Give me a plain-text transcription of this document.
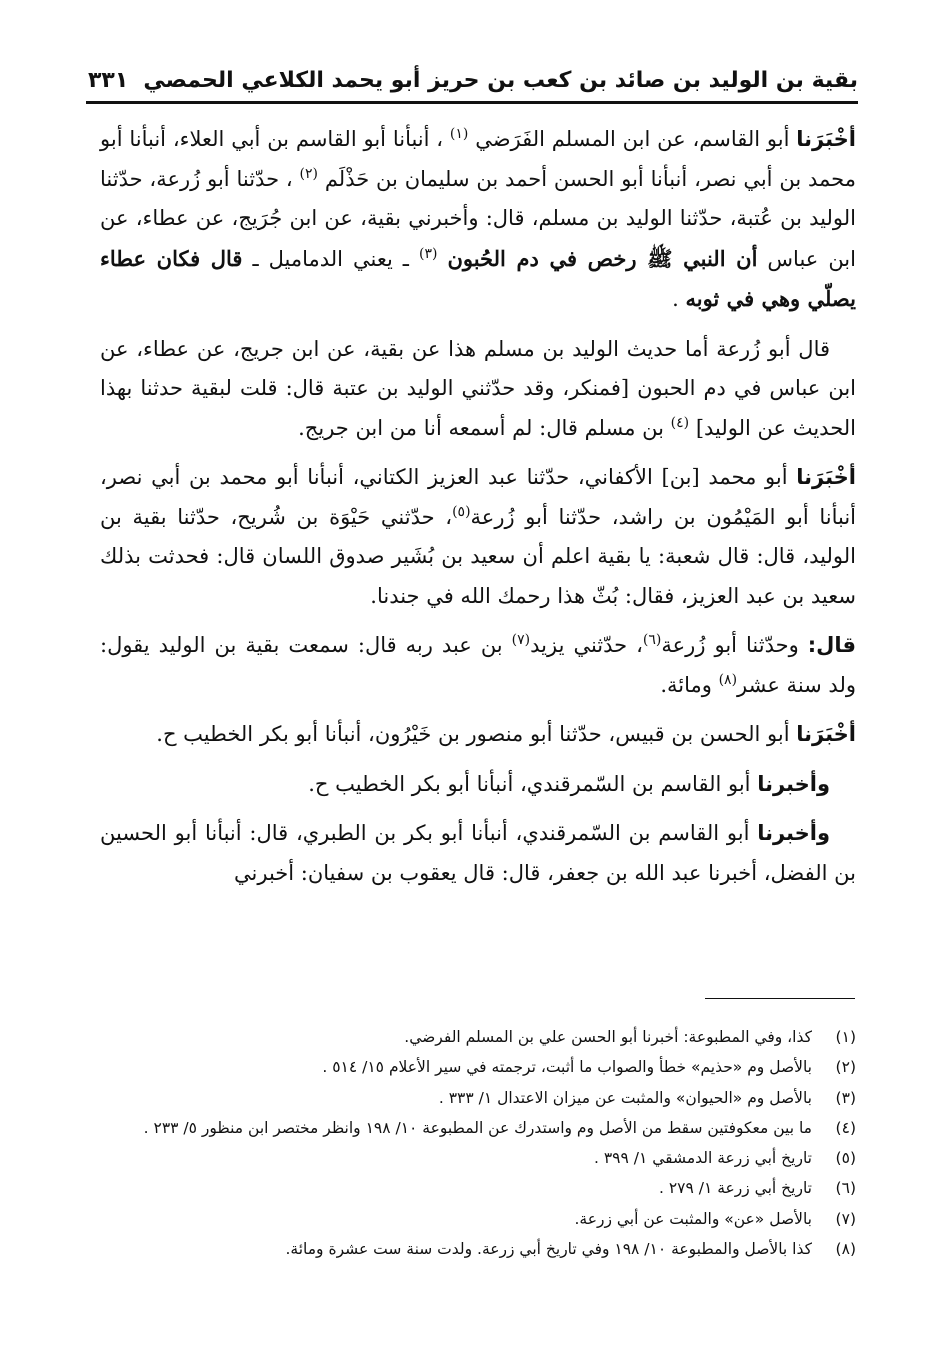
بقية بن الوليد بن صائد بن كعب بن حريز أبو يحمد الكلاعي الحمصي
٣٣١

أخْبَرَنا أبو القاسم، عن ابن المسلم الفَرَضي $^{(١)}$ ، أنبأنا أبو القاسم بن أبي العلاء، أنبأنا أبو محمد بن أبي نصر، أنبأنا أبو الحسن أحمد بن سليمان بن حَذْلَم $^{(٢)}$ ، حدّثنا أبو زُرعة، حدّثنا الوليد بن عُتبة، حدّثنا الوليد بن مسلم، قال: وأخبرني بقية، عن ابن جُرَيج، عن عطاء، عن ابن عباس أن النبي ﷺ رخص في دم الحُبون $^{(٣)}$ ـ يعني الدماميل ـ قال فكان عطاء يصلّي وهي في ثوبه .

قال أبو زُرعة أما حديث الوليد بن مسلم هذا عن بقية، عن ابن جريج، عن عطاء، عن ابن عباس في دم الحبون [فمنكر، وقد حدّثني الوليد بن عتبة قال: قلت لبقية حدثنا بهذا الحديث عن الوليد] $^{(٤)}$ بن مسلم قال: لم أسمعه أنا من ابن جريج.

أخْبَرَنا أبو محمد [بن] الأكفاني، حدّثنا عبد العزيز الكتاني، أنبأنا أبو محمد بن أبي نصر، أنبأنا أبو المَيْمُون بن راشد، حدّثنا أبو زُرعة$^{(٥)}$، حدّثني حَيْوَة بن شُريح، حدّثنا بقية بن الوليد، قال: قال شعبة: يا بقية اعلم أن سعيد بن بُشَير صدوق اللسان قال: فحدثت بذلك سعيد بن عبد العزيز، فقال: بُثّ هذا رحمك الله في جندنا.

قال: وحدّثنا أبو زُرعة$^{(٦)}$، حدّثني يزيد$^{(٧)}$ بن عبد ربه قال: سمعت بقية بن الوليد يقول: ولد سنة عشر$^{(٨)}$ ومائة.

أخْبَرَنا أبو الحسن بن قبيس، حدّثنا أبو منصور بن خَيْرُون، أنبأنا أبو بكر الخطيب ح.

وأخبرنا أبو القاسم بن السّمرقندي، أنبأنا أبو بكر الخطيب ح.

وأخبرنا أبو القاسم بن السّمرقندي، أنبأنا أبو بكر بن الطبري، قال: أنبأنا أبو الحسين بن الفضل، أخبرنا عبد الله بن جعفر، قال: قال يعقوب بن سفيان: أخبرني

(١)
كذا، وفي المطبوعة: أخبرنا أبو الحسن علي بن المسلم الفرضي.
(٢)
بالأصل وم «حذيم» خطأ والصواب ما أثبت، ترجمته في سير الأعلام ١٥/ ٥١٤ .
(٣)
بالأصل وم «الحيوان» والمثبت عن ميزان الاعتدال ١/ ٣٣٣ .
(٤)
ما بين معكوفتين سقط من الأصل وم واستدرك عن المطبوعة ١٠/ ١٩٨ وانظر مختصر ابن منظور ٥/ ٢٣٣ .
(٥)
تاريخ أبي زرعة الدمشقي ١/ ٣٩٩ .
(٦)
تاريخ أبي زرعة ١/ ٢٧٩ .
(٧)
بالأصل «عن» والمثبت عن أبي زرعة.
(٨)
كذا بالأصل والمطبوعة ١٠/ ١٩٨ وفي تاريخ أبي زرعة. ولدت سنة ست عشرة ومائة.
